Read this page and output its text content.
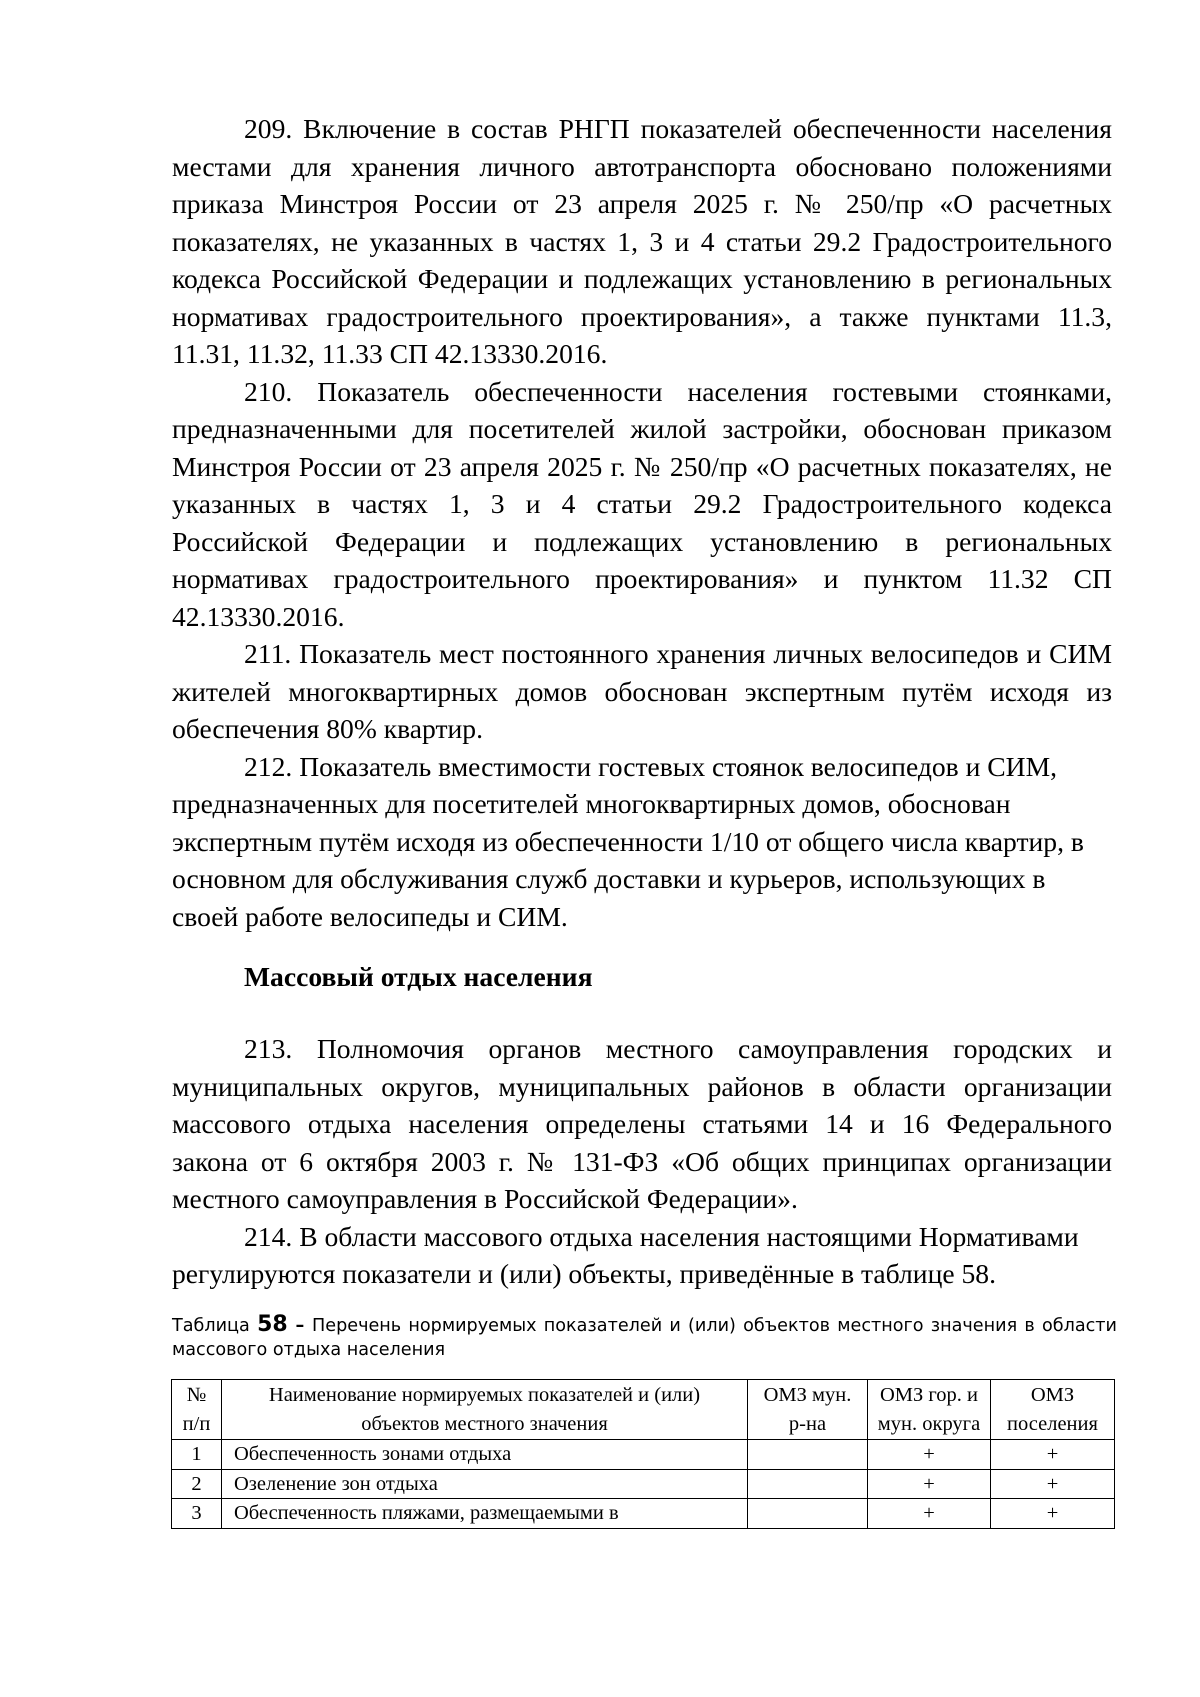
209. Включение в состав РНГП показателей обеспеченности населения местами для хранения личного автотранспорта обосновано положениями приказа Минстроя России от 23 апреля 2025 г. № 250/пр «О расчетных показателях, не указанных в частях 1, 3 и 4 статьи 29.2 Градостроительного кодекса Российской Федерации и подлежащих установлению в региональных нормативах градостроительного проектирования», а также пунктами 11.3, 11.31, 11.32, 11.33 СП 42.13330.2016.

210. Показатель обеспеченности населения гостевыми стоянками, предназначенными для посетителей жилой застройки, обоснован приказом Минстроя России от 23 апреля 2025 г. № 250/пр «О расчетных показателях, не указанных в частях 1, 3 и 4 статьи 29.2 Градостроительного кодекса Российской Федерации и подлежащих установлению в региональных нормативах градостроительного проектирования» и пунктом 11.32 СП 42.13330.2016.

211. Показатель мест постоянного хранения личных велосипедов и СИМ жителей многоквартирных домов обоснован экспертным путём исходя из обеспечения 80% квартир.

212. Показатель вместимости гостевых стоянок велосипедов и СИМ, предназначенных для посетителей многоквартирных домов, обоснован экспертным путём исходя из обеспеченности 1/10 от общего числа квартир, в основном для обслуживания служб доставки и курьеров, использующих в своей работе велосипеды и СИМ.

Массовый отдых населения

213. Полномочия органов местного самоуправления городских и муниципальных округов, муниципальных районов в области организации массового отдыха населения определены статьями 14 и 16 Федерального закона от 6 октября 2003 г. № 131-ФЗ «Об общих принципах организации местного самоуправления в Российской Федерации».

214. В области массового отдыха населения настоящими Нормативами регулируются показатели и (или) объекты, приведённые в таблице 58.

Таблица 58 – Перечень нормируемых показателей и (или) объектов местного значения в области массового отдыха населения

№ п/п	Наименование нормируемых показателей и (или) объектов местного значения	ОМЗ мун. р-на	ОМЗ гор. и мун. округа	ОМЗ поселения
1	Обеспеченность зонами отдыха		+	+
2	Озеленение зон отдыха		+	+
3	Обеспеченность пляжами, размещаемыми в		+	+
